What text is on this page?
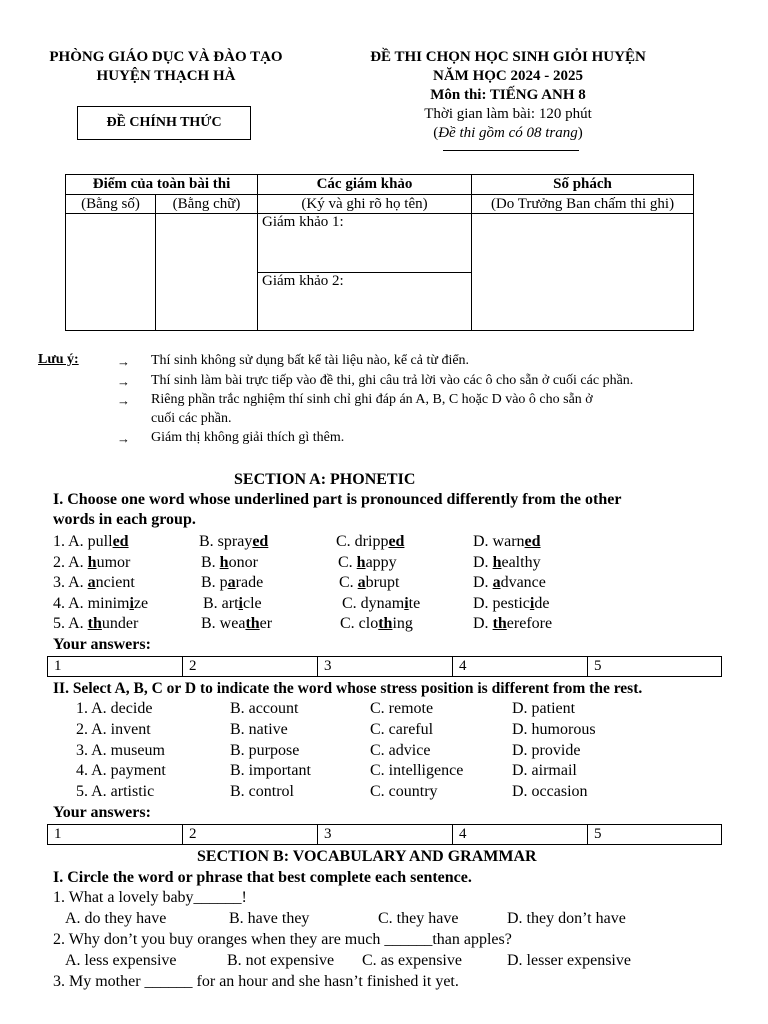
PHÒNG GIÁO DỤC VÀ ĐÀO TẠO
HUYỆN THẠCH HÀ
ĐỀ THI CHỌN HỌC SINH GIỎI HUYỆN
NĂM HỌC 2024 - 2025
Môn thi: TIẾNG ANH 8
Thời gian làm bài: 120 phút
(Đề thi gồm có 08 trang)
ĐỀ CHÍNH THỨC
Điểm của toàn bài thi		Các giám khảo	Số phách
(Bằng số)	(Bằng chữ)	(Ký và ghi rõ họ tên)	(Do Trưởng Ban chấm thi ghi)
		Giám khảo 1:	
		Giám khảo 2:	
Lưu ý:	→ Thí sinh không sử dụng bất kể tài liệu nào, kể cả từ điển.
→ Thí sinh làm bài trực tiếp vào đề thi, ghi câu trả lời vào các ô cho sẵn ở cuối các phần.
→ Riêng phần trắc nghiệm thí sinh chỉ ghi đáp án A, B, C hoặc D vào ô cho sẵn ở
cuối các phần.
→ Giám thị không giải thích gì thêm.
SECTION A: PHONETIC
I. Choose one word whose underlined part is pronounced differently from the other
words in each group.
1. A. pulled	B. sprayed	C. dripped	D. warned
2. A. humor	B. honor	C. happy	D. healthy
3. A. ancient	B. parade	C. abrupt	D. advance
4. A. minimize	B. article	C. dynamite	D. pesticide
5. A. thunder	B. weather	C. clothing	D. therefore
Your answers:
1	2	3	4	5
II. Select A, B, C or D to indicate the word whose stress position is different from the rest.
1. A. decide	B. account	C. remote	D. patient
2. A. invent	B. native	C. careful	D. humorous
3. A. museum	B. purpose	C. advice	D. provide
4. A. payment	B. important	C. intelligence	D. airmail
5. A. artistic	B. control	C. country	D. occasion
Your answers:
1	2	3	4	5
SECTION B: VOCABULARY AND GRAMMAR
I. Circle the word or phrase that best complete each sentence.
1. What a lovely baby______!
A. do they have	B. have they	C. they have	D. they don’t have
2. Why don’t you buy oranges when they are much ______than apples?
A. less expensive	B. not expensive C. as expensive	D. lesser expensive
3. My mother ______ for an hour and she hasn’t finished it yet.
